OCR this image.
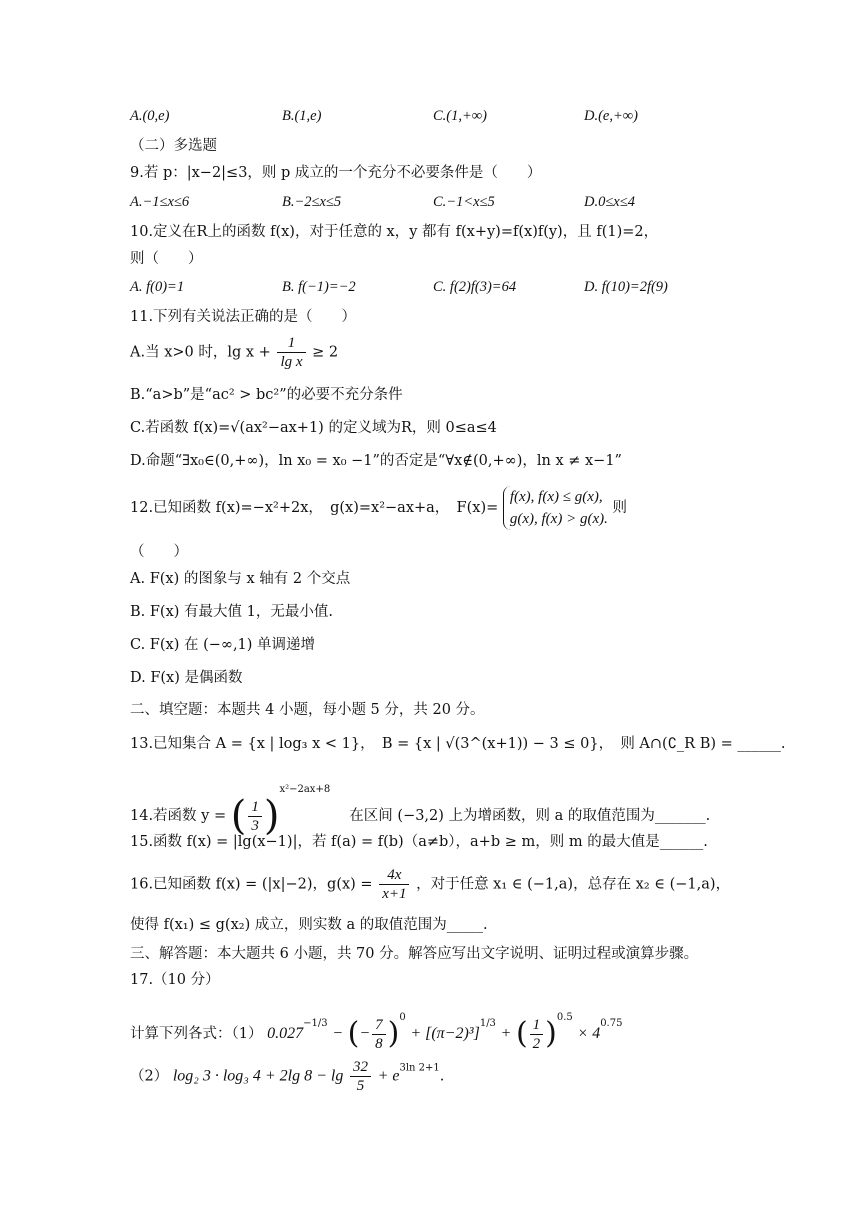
A.(0,e)	B.(1,e)	C.(1,+∞)	D.(e,+∞)
（二）多选题
9.若 p：|x−2|≤3，则 p 成立的一个充分不必要条件是（　　）
A.−1≤x≤6	B.−2≤x≤5	C.−1<x≤5	D.0≤x≤4
10.定义在R上的函数 f(x)，对于任意的 x，y 都有 f(x+y)=f(x)f(y)，且 f(1)=2，
则（　　）
A. f(0)=1	B. f(−1)=−2	C. f(2)f(3)=64	D. f(10)=2f(9)
11.下列有关说法正确的是（　　）
A.当 x>0 时，$\lg x + \frac{1}{\text{lg x}} \ge 2$
B.“a>b”是“ac² > bc²”的必要不充分条件
C.若函数 f(x)=√(ax²−ax+1) 的定义域为R，则 0≤a≤4
D.命题“∃x₀∈(0,+∞)，ln x₀ = x₀ −1”的否定是“∀x∉(0,+∞)，ln x ≠ x−1”
12.已知函数 f(x)=−x²+2x，　g(x)=x²−ax+a，　F(x)=
f(x), f(x) ≤ g(x),
g(x), f(x) > g(x).
则
（　　）
A. F(x) 的图象与 x 轴有 2 个交点
B. F(x) 有最大值 1，无最小值.
C. F(x) 在 (−∞,1) 单调递增
D. F(x) 是偶函数
二、填空题：本题共 4 小题，每小题 5 分，共 20 分。
13.已知集合 A = {x | log₃ x < 1}，　B = {x | √(3^(x+1)) − 3 ≤ 0}，　则 A∩(∁_R B) = ______.
14.若函数 y = ( $\frac{1}{3} )^{x^2-2ax+8}$ 　在区间 (−3,2) 上为增函数，则 a 的取值范围为_______.
15.函数 f(x) = |lg(x−1)|，若 f(a) = f(b)（a≠b），a+b ≥ m，则 m 的最大值是______.
16.已知函数 f(x) = (|x|−2)，$g(x) = \frac{4x}{x+1}$ ，对于任意 x₁ ∈ (−1,a)，总存在 x₂ ∈ (−1,a)，
使得 f(x₁) ≤ g(x₂) 成立，则实数 a 的取值范围为_____.
三、解答题：本大题共 6 小题，共 70 分。解答应写出文字说明、证明过程或演算步骤。
17.（10 分）
计算下列各式：（1） $0.027^{-1/3}$ − (− $\frac{7}{8} )^0 + [(\pi-2)^3]^{1/3}$ + ( $\frac{1}{2} )^{0.5} \times 4^{0.75}$
（2） log₂ 3 · log₃ 4 + 2lg $8 - \lg \frac{32}{5} + e^{3ln 2+1}$.
